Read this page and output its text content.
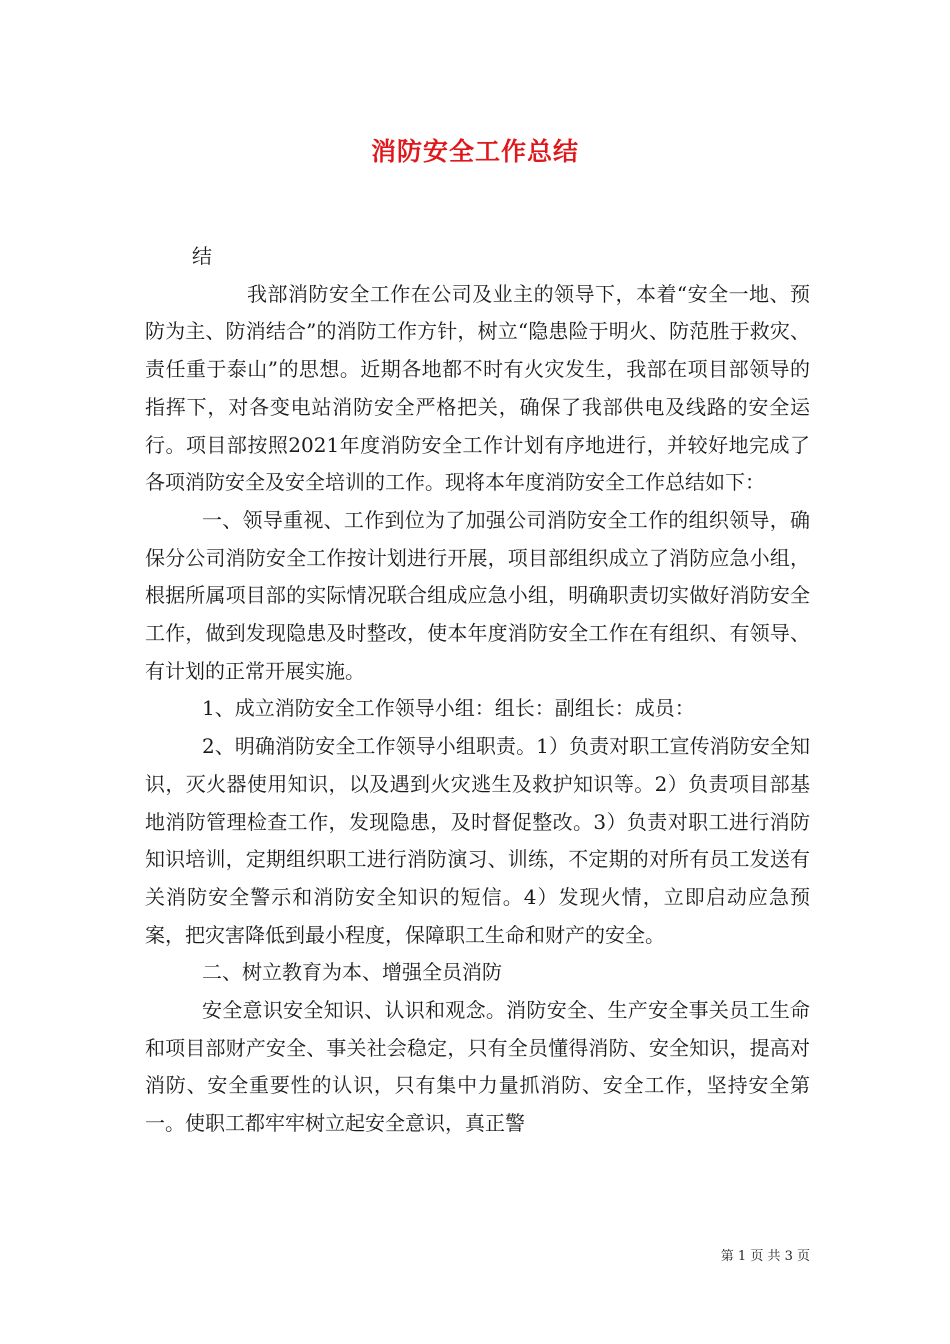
消防安全工作总结

结

我部消防安全工作在公司及业主的领导下，本着“安全一地、预防为主、防消结合”的消防工作方针，树立“隐患险于明火、防范胜于救灾、责任重于泰山”的思想。近期各地都不时有火灾发生，我部在项目部领导的指挥下，对各变电站消防安全严格把关，确保了我部供电及线路的安全运行。项目部按照2021年度消防安全工作计划有序地进行，并较好地完成了各项消防安全及安全培训的工作。现将本年度消防安全工作总结如下：

一、领导重视、工作到位为了加强公司消防安全工作的组织领导，确保分公司消防安全工作按计划进行开展，项目部组织成立了消防应急小组，根据所属项目部的实际情况联合组成应急小组，明确职责切实做好消防安全工作，做到发现隐患及时整改，使本年度消防安全工作在有组织、有领导、有计划的正常开展实施。

1、成立消防安全工作领导小组：组长：副组长：成员：

2、明确消防安全工作领导小组职责。1）负责对职工宣传消防安全知识，灭火器使用知识，以及遇到火灾逃生及救护知识等。2）负责项目部基地消防管理检查工作，发现隐患，及时督促整改。3）负责对职工进行消防知识培训，定期组织职工进行消防演习、训练，不定期的对所有员工发送有关消防安全警示和消防安全知识的短信。4）发现火情，立即启动应急预案，把灾害降低到最小程度，保障职工生命和财产的安全。

二、树立教育为本、增强全员消防

安全意识安全知识、认识和观念。消防安全、生产安全事关员工生命和项目部财产安全、事关社会稳定，只有全员懂得消防、安全知识，提高对消防、安全重要性的认识，只有集中力量抓消防、安全工作，坚持安全第一。使职工都牢牢树立起安全意识，真正警

第 1 页 共 3 页
